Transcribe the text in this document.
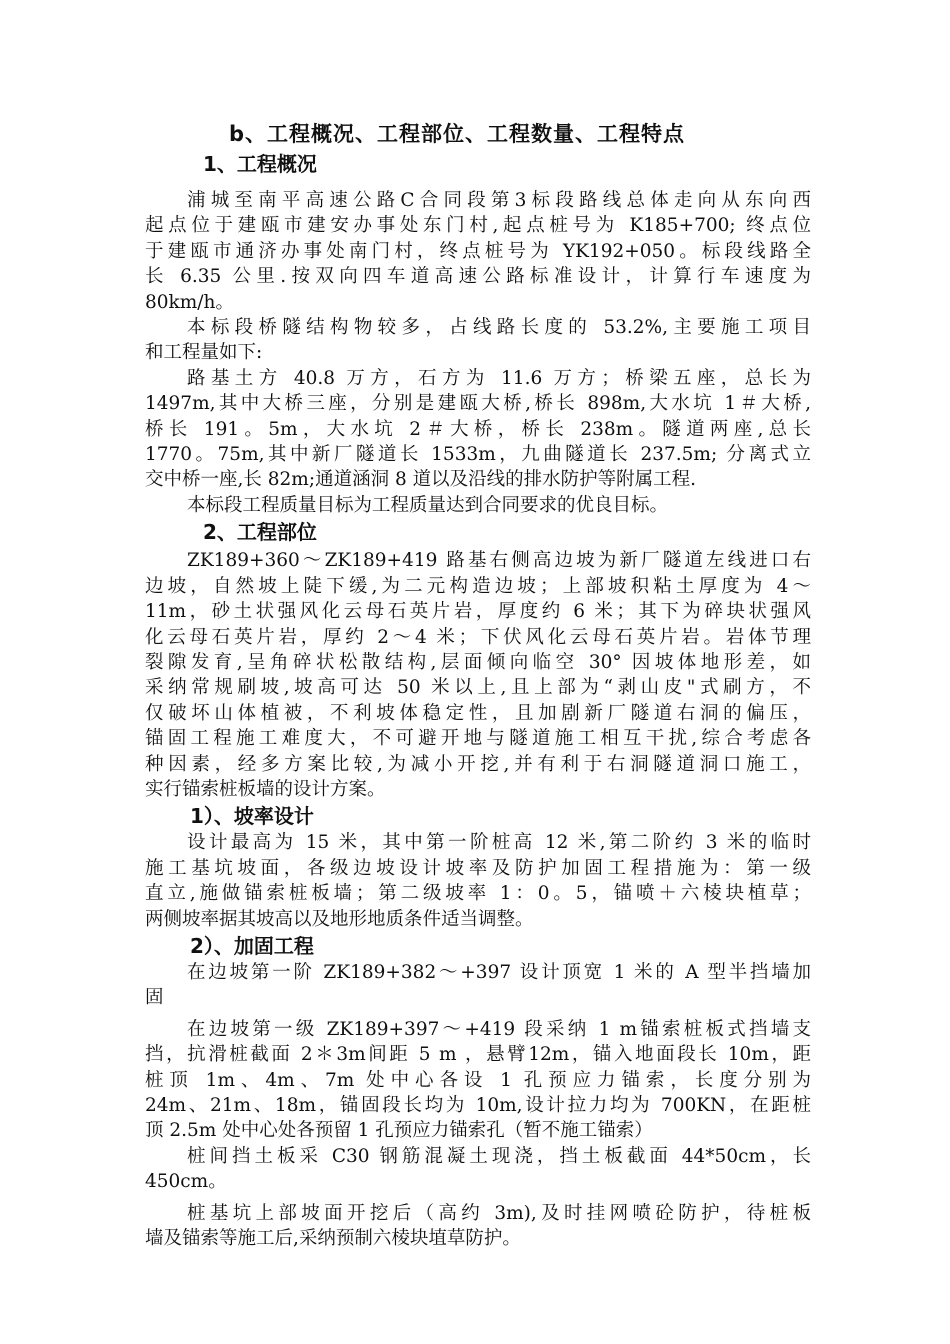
b、工程概况、工程部位、工程数量、工程特点
1、工程概况
浦城至南平高速公路C合同段第3标段路线总体走向从东向西
起点位于建瓯市建安办事处东门村,起点桩号为 K185+700; 终点位
于建瓯市通济办事处南门村，终点桩号为 YK192+050。标段线路全
长 6.35 公里.按双向四车道高速公路标准设计，计算行车速度为
80km/h。
本标段桥隧结构物较多，占线路长度的 53.2%,主要施工项目
和工程量如下:
路基土方 40.8 万方，石方为 11.6 万方；桥梁五座，总长为
1497m,其中大桥三座，分别是建瓯大桥,桥长 898m,大水坑 1＃大桥,
桥长 191。5m，大水坑 2＃大桥，桥长 238m。隧道两座,总长
1770。75m,其中新厂隧道长 1533m，九曲隧道长 237.5m; 分离式立
交中桥一座,长 82m;通道涵洞 8 道以及沿线的排水防护等附属工程.
本标段工程质量目标为工程质量达到合同要求的优良目标。
2、工程部位
ZK189+360～ZK189+419 路基右侧高边坡为新厂隧道左线进口右
边坡，自然坡上陡下缓,为二元构造边坡；上部坡积粘土厚度为 4～
11m，砂土状强风化云母石英片岩，厚度约 6 米；其下为碎块状强风
化云母石英片岩，厚约 2～4 米；下伏风化云母石英片岩。岩体节理
裂隙发育,呈角碎状松散结构,层面倾向临空 30° 因坡体地形差，如
采纳常规刷坡,坡高可达 50 米以上,且上部为“剥山皮"式刷方，不
仅破坏山体植被，不利坡体稳定性，且加剧新厂隧道右洞的偏压，
锚固工程施工难度大，不可避开地与隧道施工相互干扰,综合考虑各
种因素，经多方案比较,为减小开挖,并有利于右洞隧道洞口施工，
实行锚索桩板墙的设计方案。
1）、坡率设计
设计最高为 15 米，其中第一阶桩高 12 米,第二阶约 3 米的临时
施工基坑坡面，各级边坡设计坡率及防护加固工程措施为：第一级
直立,施做锚索桩板墙；第二级坡率 1：0。5，锚喷＋六棱块植草；
两侧坡率据其坡高以及地形地质条件适当调整。
2）、加固工程
在边坡第一阶 ZK189+382～+397 设计顶宽 1 米的 A 型半挡墙加
固
在边坡第一级 ZK189+397～+419 段采纳 1 m锚索桩板式挡墙支
挡，抗滑桩截面 2＊3m间距 5 m ，悬臂12m，锚入地面段长 10m，距
桩顶 1m、4m、7m 处中心各设 1 孔预应力锚索，长度分别为
24m、21m、18m，锚固段长均为 10m,设计拉力均为 700KN，在距桩
顶 2.5m 处中心处各预留 1 孔预应力锚索孔（暂不施工锚索）
桩间挡土板采 C30 钢筋混凝土现浇，挡土板截面 44*50cm，长
450cm。
桩基坑上部坡面开挖后（高约 3m),及时挂网喷砼防护，待桩板
墙及锚索等施工后,采纳预制六棱块埴草防护。
